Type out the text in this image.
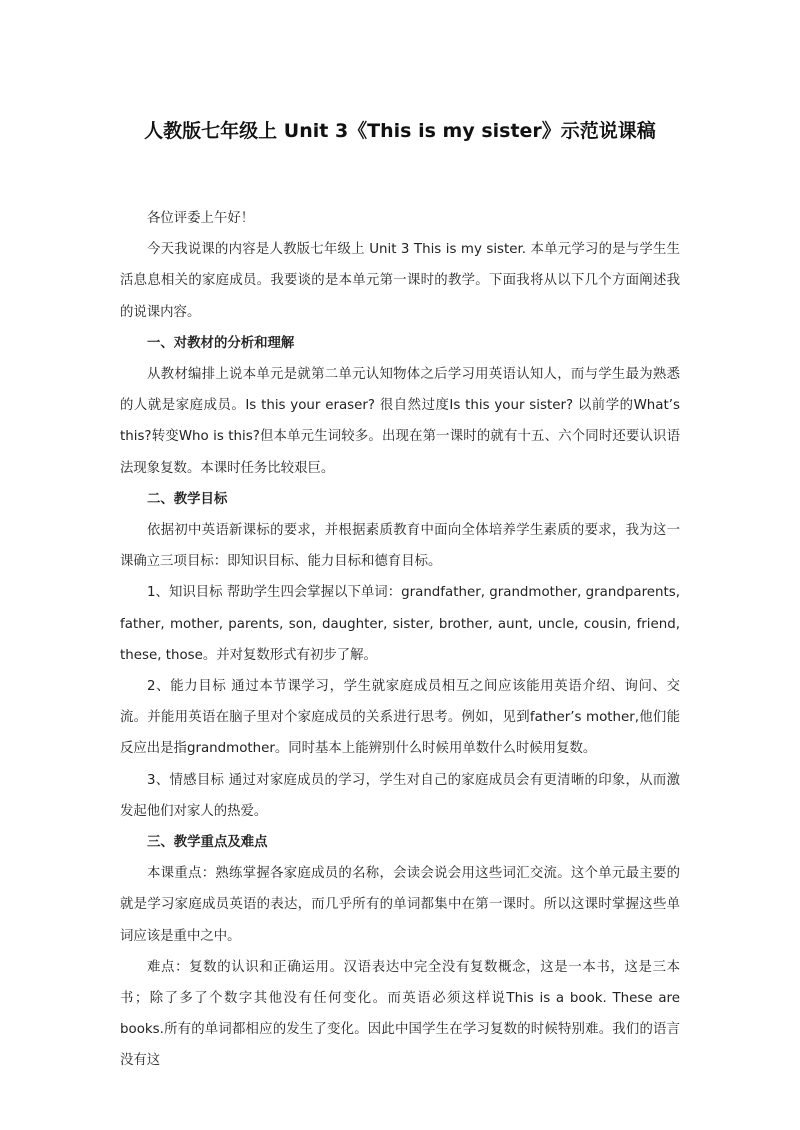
人教版七年级上 Unit 3《This is my sister》示范说课稿

各位评委上午好！

今天我说课的内容是人教版七年级上 Unit 3 This is my sister. 本单元学习的是与学生生活息息相关的家庭成员。我要谈的是本单元第一课时的教学。下面我将从以下几个方面阐述我的说课内容。

一、对教材的分析和理解

从教材编排上说本单元是就第二单元认知物体之后学习用英语认知人，而与学生最为熟悉的人就是家庭成员。Is this your eraser? 很自然过度Is this your sister? 以前学的What’s this?转变Who is this?但本单元生词较多。出现在第一课时的就有十五、六个同时还要认识语法现象复数。本课时任务比较艰巨。

二、教学目标

依据初中英语新课标的要求，并根据素质教育中面向全体培养学生素质的要求，我为这一课确立三项目标：即知识目标、能力目标和德育目标。

1、知识目标 帮助学生四会掌握以下单词：grandfather, grandmother, grandparents, father, mother, parents, son, daughter, sister, brother, aunt, uncle, cousin, friend, these, those。并对复数形式有初步了解。

2、能力目标 通过本节课学习，学生就家庭成员相互之间应该能用英语介绍、询问、交流。并能用英语在脑子里对个家庭成员的关系进行思考。例如，见到father’s mother,他们能反应出是指grandmother。同时基本上能辨别什么时候用单数什么时候用复数。

3、情感目标 通过对家庭成员的学习，学生对自己的家庭成员会有更清晰的印象，从而激发起他们对家人的热爱。

三、教学重点及难点

本课重点：熟练掌握各家庭成员的名称，会读会说会用这些词汇交流。这个单元最主要的就是学习家庭成员英语的表达，而几乎所有的单词都集中在第一课时。所以这课时掌握这些单词应该是重中之中。

难点：复数的认识和正确运用。汉语表达中完全没有复数概念，这是一本书，这是三本书；除了多了个数字其他没有任何变化。而英语必须这样说This is a book. These are books.所有的单词都相应的发生了变化。因此中国学生在学习复数的时候特别难。我们的语言没有这
